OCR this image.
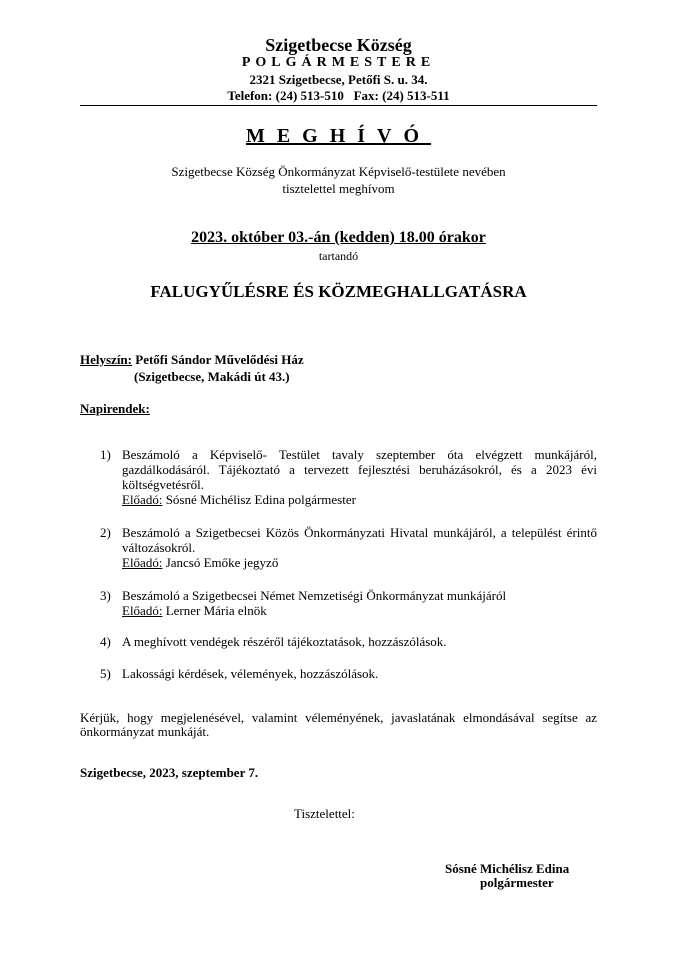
Szigetbecse Község
POLGÁRMESTERE
2321 Szigetbecse, Petőfi S. u. 34.
Telefon: (24) 513-510   Fax: (24) 513-511
MEGHÍVÓ
Szigetbecse Község Önkormányzat Képviselő-testülete nevében
tisztelettel meghívom
2023. október 03.-án (kedden) 18.00 órakor
tartandó
FALUGYŰLÉSRE ÉS KÖZMEGHALLGATÁSRA
Helyszín: Petőfi Sándor Művelődési Ház
(Szigetbecse, Makádi út 43.)
Napirendek:
1) Beszámoló a Képviselő- Testület tavaly szeptember óta elvégzett munkájáról, gazdálkodásáról. Tájékoztató a tervezett fejlesztési beruházásokról, és a 2023 évi költségvetésről.
Előadó: Sósné Michélisz Edina polgármester
2) Beszámoló a Szigetbecsei Közös Önkormányzati Hivatal munkájáról, a települést érintő változásokról.
Előadó: Jancsó Emőke jegyző
3) Beszámoló a Szigetbecsei Német Nemzetiségi Önkormányzat munkájáról
Előadó: Lerner Mária elnök
4) A meghívott vendégek részéről tájékoztatások, hozzászólások.
5) Lakossági kérdések, vélemények, hozzászólások.
Kérjük, hogy megjelenésével, valamint véleményének, javaslatának elmondásával segítse az önkormányzat munkáját.
Szigetbecse, 2023, szeptember 7.
Tisztelettel:
Sósné Michélisz Edina
polgármester
